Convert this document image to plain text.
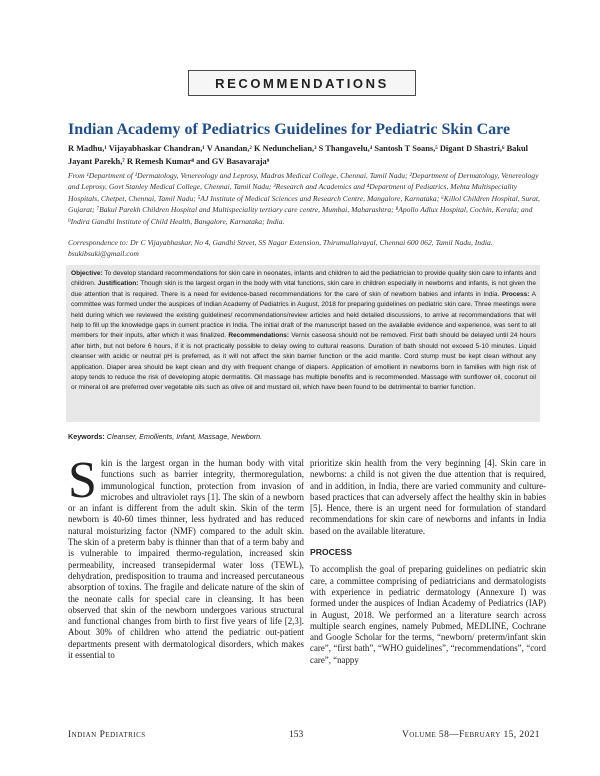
RECOMMENDATIONS
Indian Academy of Pediatrics Guidelines for Pediatric Skin Care
R Madhu,¹ Vijayabhaskar Chandran,¹ V Anandan,² K Nedunchelian,³ S Thangavelu,⁴ Santosh T Soans,⁵ Digant D Shastri,⁶ Bakul Jayant Parekh,⁷ R Remesh Kumar⁸ and GV Basavaraja⁹
From ¹Department of ¹Dermatology, Venereology and Leprosy, Madras Medical College, Chennai, Tamil Nadu; ²Department of Dermatology, Venereology and Leprosy, Govt Stanley Medical College, Chennai, Tamil Nadu; ³Research and Academics and ⁴Department of Pediatrics, Mehta Multispeciality Hospitals, Chetpet, Chennai, Tamil Nadu; ⁵AJ Institute of Medical Sciences and Research Centre, Mangalore, Karnataka; ⁶Killol Children Hospital, Surat, Gujarat; ⁷Bakul Parekh Children Hospital and Multispeciality tertiary care centre, Mumbai, Maharashtra; ⁸Apollo Adlux Hospital, Cochin, Kerala; and ⁹Indira Gandhi Institute of Child Health, Bangalore, Karnataka; India.
Correspondence to: Dr C Vijayabhaskar, No 4, Gandhi Street, SS Nagar Extension, Thirumullaivayal, Chennai 600 062, Tamil Nadu, India. bsukibsuki@gmail.com
Objective: To develop standard recommendations for skin care in neonates, infants and children to aid the pediatrician to provide quality skin care to infants and children. Justification: Though skin is the largest organ in the body with vital functions, skin care in children especially in newborns and infants, is not given the due attention that is required. There is a need for evidence-based recommendations for the care of skin of newborn babies and infants in India. Process: A committee was formed under the auspices of Indian Academy of Pediatrics in August, 2018 for preparing guidelines on pediatric skin care. Three meetings were held during which we reviewed the existing guidelines/ recommendations/review articles and held detailed discussions, to arrive at recommendations that will help to fill up the knowledge gaps in current practice in India. The initial draft of the manuscript based on the available evidence and experience, was sent to all members for their inputs, after which it was finalized. Recommendations: Vernix caseosa should not be removed. First bath should be delayed until 24 hours after birth, but not before 6 hours, if it is not practically possible to delay owing to cultural reasons. Duration of bath should not exceed 5-10 minutes. Liquid cleanser with acidic or neutral pH is preferred, as it will not affect the skin barrier function or the acid mantle. Cord stump must be kept clean without any application. Diaper area should be kept clean and dry with frequent change of diapers. Application of emollient in newborns born in families with high risk of atopy tends to reduce the risk of developing atopic dermatitis. Oil massage has multiple benefits and is recommended. Massage with sunflower oil, coconut oil or mineral oil are preferred over vegetable oils such as olive oil and mustard oil, which have been found to be detrimental to barrier function.
Keywords: Cleanser, Emollients, Infant, Massage, Newborn.
Skin is the largest organ in the human body with vital functions such as barrier integrity, thermoregulation, immunological function, protection from invasion of microbes and ultraviolet rays [1]. The skin of a newborn or an infant is different from the adult skin. Skin of the term newborn is 40-60 times thinner, less hydrated and has reduced natural moisturizing factor (NMF) compared to the adult skin. The skin of a preterm baby is thinner than that of a term baby and is vulnerable to impaired thermo-regulation, increased skin permeability, increased transepidermal water loss (TEWL), dehydration, predisposition to trauma and increased percutaneous absorption of toxins. The fragile and delicate nature of the skin of the neonate calls for special care in cleansing. It has been observed that skin of the newborn undergoes various structural and functional changes from birth to first five years of life [2,3]. About 30% of children who attend the pediatric out-patient departments present with dermatological disorders, which makes it essential to
prioritize skin health from the very beginning [4]. Skin care in newborns: a child is not given the due attention that is required, and in addition, in India, there are varied community and culture-based practices that can adversely affect the healthy skin in babies [5]. Hence, there is an urgent need for formulation of standard recommendations for skin care of newborns and infants in India based on the available literature.
PROCESS
To accomplish the goal of preparing guidelines on pediatric skin care, a committee comprising of pediatricians and dermatologists with experience in pediatric dermatology (Annexure I) was formed under the auspices of Indian Academy of Pediatrics (IAP) in August, 2018. We performed an a literature search across multiple search engines, namely Pubmed, MEDLINE, Cochrane and Google Scholar for the terms, “newborn/ preterm/infant skin care”, “first bath”, “WHO guidelines”, “recommendations”, “cord care”, “nappy
Indian Pediatrics	153	Volume 58—February 15, 2021
